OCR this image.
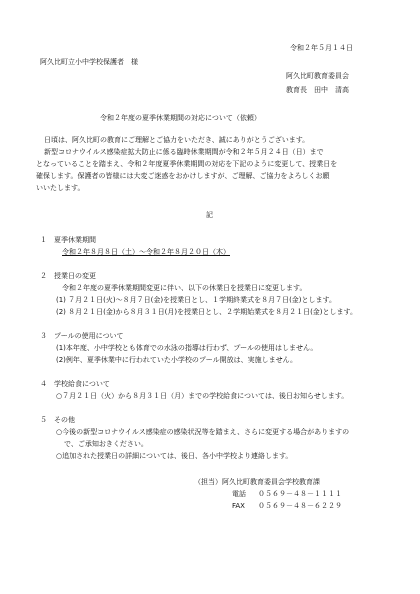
令和２年５月１４日
阿久比町立小中学校保護者　様
阿久比町教育委員会
教育長　田中　清高
令和２年度の夏季休業期間の対応について（依頼）
日頃は、阿久比町の教育にご理解とご協力をいただき、誠にありがとうございます。
新型コロナウイルス感染症拡大防止に係る臨時休業期間が令和２年５月２４日（日）まで
となっていることを踏まえ、令和２年度夏季休業期間の対応を下記のように変更して、授業日を
確保します。保護者の皆様には大変ご迷惑をおかけしますが、ご理解、ご協力をよろしくお願
いいたします。
記
１　夏季休業期間
令和２年８月８日（土）～令和２年８月２０日（木）
２　授業日の変更
令和２年度の夏季休業期間変更に伴い、以下の休業日を授業日に変更します。
(1) ７月２１日(火)～８月７日(金)を授業日とし、１学期終業式を８月７日(金)とします。
(2) ８月２１日(金)から８月３１日(月)を授業日とし、２学期始業式を８月２１日(金)とします。
３　プールの使用について
(1)本年度、小中学校とも体育での水泳の指導は行わず、プールの使用はしません。
(2)例年、夏季休業中に行われていた小学校のプール開放は、実施しません。
４　学校給食について
○７月２１日（火）から８月３１日（月）までの学校給食については、後日お知らせします。
５　その他
○今後の新型コロナウイルス感染症の感染状況等を踏まえ、さらに変更する場合がありますの
で、ご承知おきください。
○追加された授業日の詳細については、後日、各小中学校より連絡します。
（担当）阿久比町教育委員会学校教育課
電話 ０５６９－４８－１１１１
FAX ０５６９－４８－６２２９
